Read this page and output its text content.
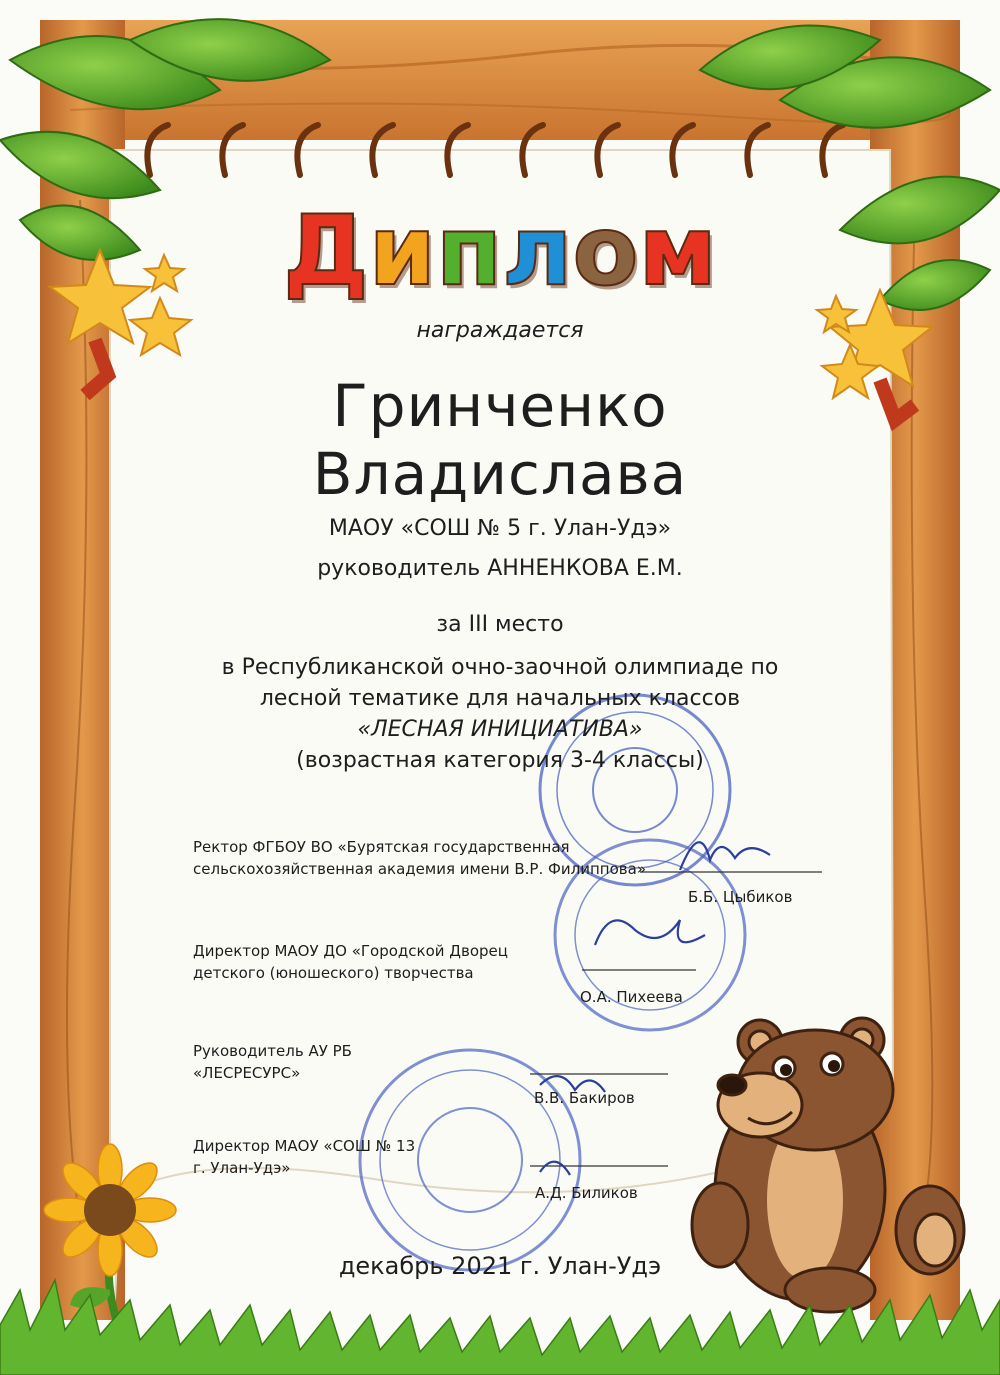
Диплом
награждается
Гринченко
Владислава
МАОУ «СОШ № 5 г. Улан-Удэ»
руководитель АННЕНКОВА Е.М.
за III место
в Республиканской очно-заочной олимпиаде по
лесной тематике для начальных классов
«ЛЕСНАЯ ИНИЦИАТИВА»
(возрастная категория 3-4 классы)
Ректор ФГБОУ ВО «Бурятская государственная
сельскохозяйственная академия имени В.Р. Филиппова»
Б.Б. Цыбиков
Директор МАОУ ДО «Городской Дворец
детского (юношеского) творчества
О.А. Пихеева
Руководитель АУ РБ
«ЛЕСРЕСУРС»
В.В. Бакиров
Директор МАОУ «СОШ № 13
г. Улан-Удэ»
А.Д. Биликов
декабрь 2021 г. Улан-Удэ
